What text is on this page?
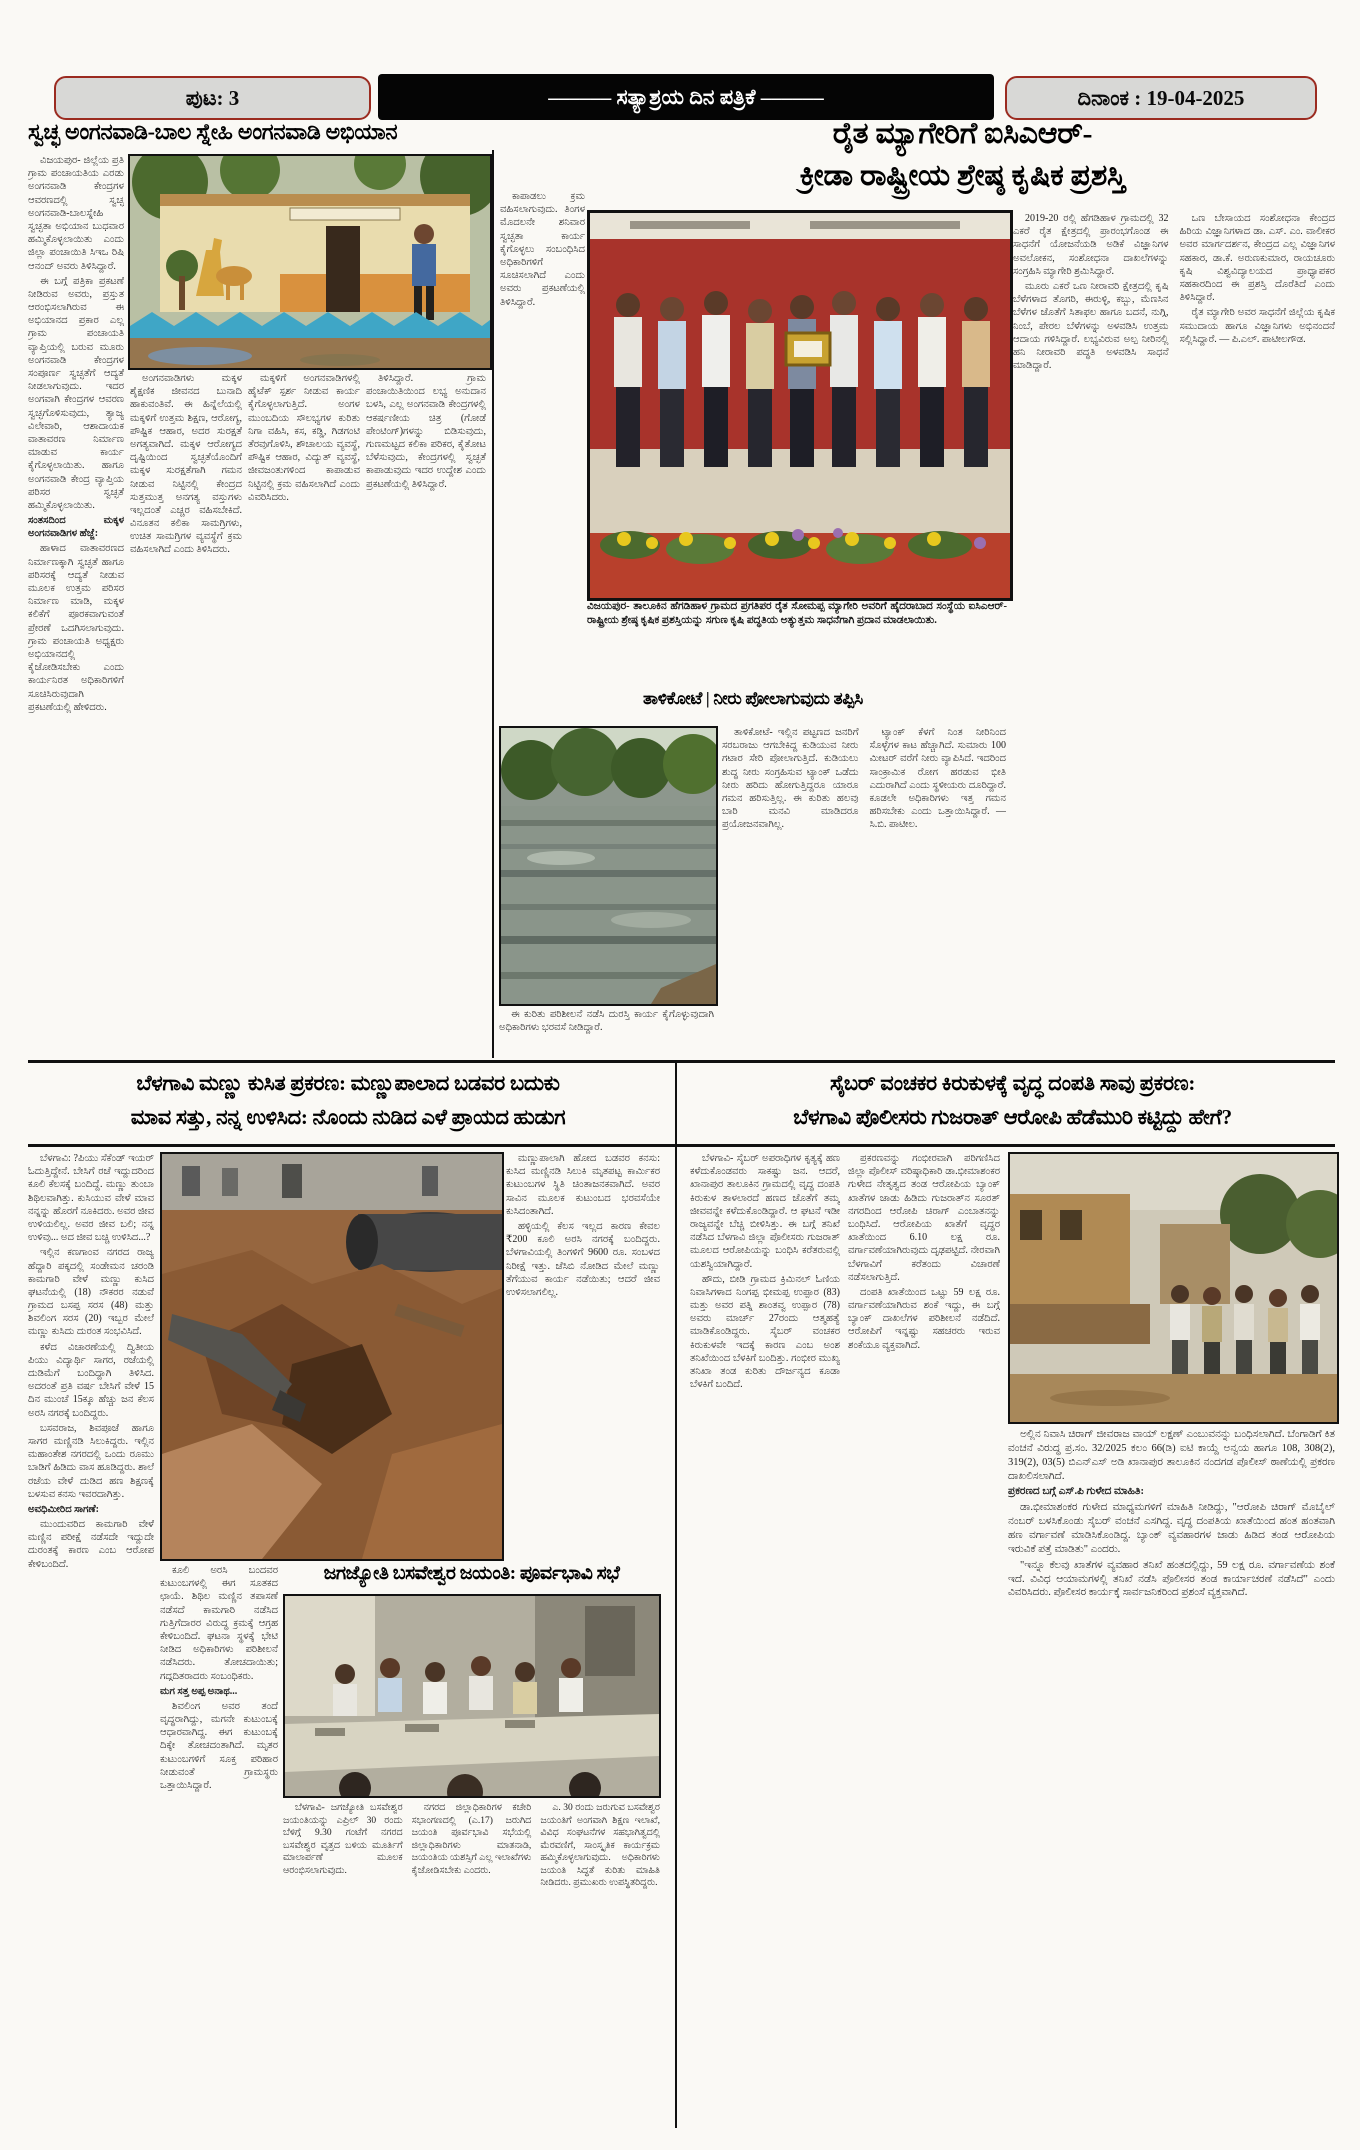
ಪುಟ: 3	–––––– ಸತ್ಯಾಶ್ರಯ ದಿನ ಪತ್ರಿಕೆ ––––––	ದಿನಾಂಕ : 19-04-2025
ಸ್ವಚ್ಛ ಅಂಗನವಾಡಿ-ಬಾಲ ಸ್ನೇಹಿ ಅಂಗನವಾಡಿ ಅಭಿಯಾನ

ವಿಜಯಪುರ- ಜಿಲ್ಲೆಯ ಪ್ರತಿ ಗ್ರಾಮ ಪಂಚಾಯತಿಯ ಎರಡು ಅಂಗನವಾಡಿ ಕೇಂದ್ರಗಳ ಆವರಣದಲ್ಲಿ ಸ್ವಚ್ಛ ಅಂಗನವಾಡಿ-ಬಾಲಸ್ನೇಹಿ ಸ್ವಚ್ಛತಾ ಅಭಿಯಾನ ಬುಧವಾರ ಹಮ್ಮಿಕೊಳ್ಳಲಾಯಿತು ಎಂದು ಜಿಲ್ಲಾ ಪಂಚಾಯಿತಿ ಸಿಇಒ ರಿಷಿ ಆನಂದ್ ಅವರು ತಿಳಿಸಿದ್ದಾರೆ.

ಈ ಬಗ್ಗೆ ಪತ್ರಿಕಾ ಪ್ರಕಟಣೆ ನೀಡಿರುವ ಅವರು, ಪ್ರಸ್ತುತ ಆರಂಭಿಸಲಾಗಿರುವ ಈ ಅಭಿಯಾನದ ಪ್ರಕಾರ ಎಲ್ಲ ಗ್ರಾಮ ಪಂಚಾಯತಿ ವ್ಯಾಪ್ತಿಯಲ್ಲಿ ಬರುವ ಮೂರು ಅಂಗನವಾಡಿ ಕೇಂದ್ರಗಳ ಸಂಪೂರ್ಣ ಸ್ವಚ್ಛತೆಗೆ ಆದ್ಯತೆ ನೀಡಲಾಗುವುದು. ಇದರ ಅಂಗವಾಗಿ ಕೇಂದ್ರಗಳ ಆವರಣ ಸ್ವಚ್ಛಗೊಳಿಸುವುದು, ತ್ಯಾಜ್ಯ ವಿಲೇವಾರಿ, ಆಶಾದಾಯಕ ವಾತಾವರಣ ನಿರ್ಮಾಣ ಮಾಡುವ ಕಾರ್ಯ ಕೈಗೊಳ್ಳಲಾಯಿತು. ಹಾಗೂ ಅಂಗನವಾಡಿ ಕೇಂದ್ರ ವ್ಯಾಪ್ತಿಯ ಪರಿಸರ ಸ್ವಚ್ಛತೆ ಹಮ್ಮಿಕೊಳ್ಳಲಾಯಿತು.

ಸಂತಸದಿಂದ ಮಕ್ಕಳ ಅಂಗನವಾಡಿಗಳ ಹೆಜ್ಜೆ:

ಹಾಳಾದ ವಾತಾವರಣದ ನಿರ್ಮಾಣಕ್ಕಾಗಿ ಸ್ವಚ್ಛತೆ ಹಾಗೂ ಪರಿಸರಕ್ಕೆ ಆದ್ಯತೆ ನೀಡುವ ಮೂಲಕ ಉತ್ತಮ ಪರಿಸರ ನಿರ್ಮಾಣ ಮಾಡಿ, ಮಕ್ಕಳ ಕಲಿಕೆಗೆ ಪೂರಕವಾಗುವಂತೆ ಪ್ರೇರಣೆ ಒದಗಿಸಲಾಗುವುದು. ಗ್ರಾಮ ಪಂಚಾಯತಿ ಅಧ್ಯಕ್ಷರು ಅಭಿಯಾನದಲ್ಲಿ ಕೈಜೋಡಿಸಬೇಕು ಎಂದು ಕಾರ್ಯನಿರತ ಅಧಿಕಾರಿಗಳಿಗೆ ಸೂಚಿಸಿರುವುದಾಗಿ ಪ್ರಕಟಣೆಯಲ್ಲಿ ಹೇಳಿದರು.

ಅಂಗನವಾಡಿಗಳು ಮಕ್ಕಳ ಶೈಕ್ಷಣಿಕ ಜೀವನದ ಬುನಾದಿ ಹಾಕುವಂತಿವೆ. ಈ ಹಿನ್ನೆಲೆಯಲ್ಲಿ ಮಕ್ಕಳಿಗೆ ಉತ್ತಮ ಶಿಕ್ಷಣ, ಆರೋಗ್ಯ, ಪೌಷ್ಟಿಕ ಆಹಾರ, ಅದರ ಸುರಕ್ಷತೆ ಅಗತ್ಯವಾಗಿದೆ. ಮಕ್ಕಳ ಆರೋಗ್ಯದ ದೃಷ್ಟಿಯಿಂದ ಸ್ವಚ್ಛತೆಯೊಂದಿಗೆ ಮಕ್ಕಳ ಸುರಕ್ಷತೆಗಾಗಿ ಗಮನ ನೀಡುವ ನಿಟ್ಟಿನಲ್ಲಿ ಕೇಂದ್ರದ ಸುತ್ತಮುತ್ತ ಅನಗತ್ಯ ವಸ್ತುಗಳು ಇಲ್ಲದಂತೆ ಎಚ್ಚರ ವಹಿಸಬೇಕಿದೆ. ವಿನೂತನ ಕಲಿಕಾ ಸಾಮಗ್ರಿಗಳು, ಉಚಿತ ಸಾಮಗ್ರಿಗಳ ವ್ಯವಸ್ಥೆಗೆ ಕ್ರಮ ವಹಿಸಲಾಗಿದೆ ಎಂದು ತಿಳಿಸಿದರು.

ಮಕ್ಕಳಿಗೆ ಅಂಗನವಾಡಿಗಳಲ್ಲಿ ಹೈಟೆಕ್ ಸ್ಪರ್ಶ ನೀಡುವ ಕಾರ್ಯ ಕೈಗೊಳ್ಳಲಾಗುತ್ತಿದೆ. ಅಂಗಳ ಮುಂಬದಿಯ ಸೌಲಭ್ಯಗಳ ಕುರಿತು ನಿಗಾ ವಹಿಸಿ, ಕಸ, ಕಡ್ಡಿ, ಗಿಡಗಂಟಿ ತೆರವುಗೊಳಿಸಿ, ಶೌಚಾಲಯ ವ್ಯವಸ್ಥೆ, ಪೌಷ್ಟಿಕ ಆಹಾರ, ವಿದ್ಯುತ್ ವ್ಯವಸ್ಥೆ, ಜೀವಜಂತುಗಳಿಂದ ಕಾಪಾಡುವ ನಿಟ್ಟಿನಲ್ಲಿ ಕ್ರಮ ವಹಿಸಲಾಗಿದೆ ಎಂದು ವಿವರಿಸಿದರು.

ತಿಳಿಸಿದ್ದಾರೆ. ಗ್ರಾಮ ಪಂಚಾಯಿತಿಯಿಂದ ಲಭ್ಯ ಅನುದಾನ ಬಳಸಿ, ಎಲ್ಲ ಅಂಗನವಾಡಿ ಕೇಂದ್ರಗಳಲ್ಲಿ ಆಕರ್ಷಣೀಯ ಚಿತ್ರ (ಗೋಡೆ ಪೇಂಟಿಂಗ್)ಗಳನ್ನು ಬಿಡಿಸುವುದು, ಗುಣಮಟ್ಟದ ಕಲಿಕಾ ಪರಿಕರ, ಕೈತೋಟ ಬೆಳೆಸುವುದು, ಕೇಂದ್ರಗಳಲ್ಲಿ ಸ್ವಚ್ಛತೆ ಕಾಪಾಡುವುದು ಇದರ ಉದ್ದೇಶ ಎಂದು ಪ್ರಕಟಣೆಯಲ್ಲಿ ತಿಳಿಸಿದ್ದಾರೆ.

ಕಾಪಾಡಲು ಕ್ರಮ ವಹಿಸಲಾಗುವುದು. ತಿಂಗಳ ಮೊದಲನೇ ಶನಿವಾರ ಸ್ವಚ್ಛತಾ ಕಾರ್ಯ ಕೈಗೊಳ್ಳಲು ಸಂಬಂಧಿಸಿದ ಅಧಿಕಾರಿಗಳಿಗೆ ಸೂಚಿಸಲಾಗಿದೆ ಎಂದು ಅವರು ಪ್ರಕಟಣೆಯಲ್ಲಿ ತಿಳಿಸಿದ್ದಾರೆ.

ರೈತ ಮ್ಯಾಗೇರಿಗೆ ಐಸಿಎಆರ್-
ಕ್ರೀಡಾ ರಾಷ್ಟ್ರೀಯ ಶ್ರೇಷ್ಠ ಕೃಷಿಕ ಪ್ರಶಸ್ತಿ
ವಿಜಯಪುರ- ತಾಲೂಕಿನ ಹೆಗಡಿಹಾಳ ಗ್ರಾಮದ ಪ್ರಗತಿಪರ ರೈತ ಸೋಮಪ್ಪ ಮ್ಯಾಗೇರಿ ಅವರಿಗೆ ಹೈದರಾಬಾದ ಸಂಸ್ಥೆಯ ಐಸಿಎಆರ್- ರಾಷ್ಟ್ರೀಯ ಶ್ರೇಷ್ಠ ಕೃಷಿಕ ಪ್ರಶಸ್ತಿಯನ್ನು ಸಗುಣ ಕೃಷಿ ಪದ್ಧತಿಯ ಅತ್ಯುತ್ತಮ ಸಾಧನೆಗಾಗಿ ಪ್ರದಾನ ಮಾಡಲಾಯಿತು.

2019-20 ರಲ್ಲಿ ಹೆಗಡಿಹಾಳ ಗ್ರಾಮದಲ್ಲಿ 32 ಎಕರೆ ರೈತ ಕ್ಷೇತ್ರದಲ್ಲಿ ಪ್ರಾರಂಭಗೊಂಡ ಈ ಸಾಧನೆಗೆ ಯೋಜನೆಯಡಿ ಅಡಿಕೆ ವಿಜ್ಞಾನಿಗಳ ಅವಲೋಕನ, ಸಂಶೋಧನಾ ದಾಖಲೆಗಳನ್ನು ಸಂಗ್ರಹಿಸಿ ಮ್ಯಾಗೇರಿ ಶ್ರಮಿಸಿದ್ದಾರೆ.

ಮೂರು ಎಕರೆ ಒಣ ನೀರಾವರಿ ಕ್ಷೇತ್ರದಲ್ಲಿ ಕೃಷಿ ಬೆಳೆಗಳಾದ ತೊಗರಿ, ಈರುಳ್ಳಿ, ಕಬ್ಬು, ಮೆಣಸಿನ ಬೆಳೆಗಳ ಜೊತೆಗೆ ಸಿತಾಫಲ ಹಾಗೂ ಬದನೆ, ನುಗ್ಗಿ, ನಿಂಬೆ, ಪೇರಲ ಬೆಳೆಗಳನ್ನು ಅಳವಡಿಸಿ ಉತ್ತಮ ಆದಾಯ ಗಳಿಸಿದ್ದಾರೆ. ಲಭ್ಯವಿರುವ ಅಲ್ಪ ನೀರಿನಲ್ಲಿ ಹನಿ ನೀರಾವರಿ ಪದ್ಧತಿ ಅಳವಡಿಸಿ ಸಾಧನೆ ಮಾಡಿದ್ದಾರೆ.

ಒಣ ಬೇಸಾಯದ ಸಂಶೋಧನಾ ಕೇಂದ್ರದ ಹಿರಿಯ ವಿಜ್ಞಾನಿಗಳಾದ ಡಾ. ಎಸ್. ಎಂ. ವಾಲೀಕರ ಅವರ ಮಾರ್ಗದರ್ಶನ, ಕೇಂದ್ರದ ಎಲ್ಲ ವಿಜ್ಞಾನಿಗಳ ಸಹಕಾರ, ಡಾ.ಕೆ. ಅರುಣಕುಮಾರ, ರಾಯಚೂರು ಕೃಷಿ ವಿಶ್ವವಿದ್ಯಾಲಯದ ಪ್ರಾಧ್ಯಾಪಕರ ಸಹಕಾರದಿಂದ ಈ ಪ್ರಶಸ್ತಿ ದೊರೆತಿದೆ ಎಂದು ತಿಳಿಸಿದ್ದಾರೆ.

ರೈತ ಮ್ಯಾಗೇರಿ ಅವರ ಸಾಧನೆಗೆ ಜಿಲ್ಲೆಯ ಕೃಷಿಕ ಸಮುದಾಯ ಹಾಗೂ ವಿಜ್ಞಾನಿಗಳು ಅಭಿನಂದನೆ ಸಲ್ಲಿಸಿದ್ದಾರೆ. — ಪಿ.ಎಲ್. ಪಾಟೀಲಗೌಡ.

ತಾಳಿಕೋಟೆ | ನೀರು ಪೋಲಾಗುವುದು ತಪ್ಪಿಸಿ

ಈ ಕುರಿತು ಪರಿಶೀಲನೆ ನಡೆಸಿ ದುರಸ್ತಿ ಕಾರ್ಯ ಕೈಗೊಳ್ಳುವುದಾಗಿ ಅಧಿಕಾರಿಗಳು ಭರವಸೆ ನೀಡಿದ್ದಾರೆ.

ತಾಳಿಕೋಟೆ- ಇಲ್ಲಿನ ಪಟ್ಟಣದ ಜನರಿಗೆ ಸರಬರಾಜು ಆಗಬೇಕಿದ್ದ ಕುಡಿಯುವ ನೀರು ಗಟಾರ ಸೇರಿ ಪೋಲಾಗುತ್ತಿದೆ. ಕುಡಿಯಲು ಶುದ್ಧ ನೀರು ಸಂಗ್ರಹಿಸುವ ಟ್ಯಾಂಕ್ ಒಡೆದು ನೀರು ಹರಿದು ಹೋಗುತ್ತಿದ್ದರೂ ಯಾರೂ ಗಮನ ಹರಿಸುತ್ತಿಲ್ಲ. ಈ ಕುರಿತು ಹಲವು ಬಾರಿ ಮನವಿ ಮಾಡಿದರೂ ಪ್ರಯೋಜನವಾಗಿಲ್ಲ.

ಟ್ಯಾಂಕ್ ಕೆಳಗೆ ನಿಂತ ನೀರಿನಿಂದ ಸೊಳ್ಳೆಗಳ ಕಾಟ ಹೆಚ್ಚಾಗಿದೆ. ಸುಮಾರು 100 ಮೀಟರ್ ವರೆಗೆ ನೀರು ವ್ಯಾಪಿಸಿದೆ. ಇದರಿಂದ ಸಾಂಕ್ರಾಮಿಕ ರೋಗ ಹರಡುವ ಭೀತಿ ಎದುರಾಗಿದೆ ಎಂದು ಸ್ಥಳೀಯರು ದೂರಿದ್ದಾರೆ. ಕೂಡಲೇ ಅಧಿಕಾರಿಗಳು ಇತ್ತ ಗಮನ ಹರಿಸಬೇಕು ಎಂದು ಒತ್ತಾಯಿಸಿದ್ದಾರೆ. — ಸಿ.ಬಿ. ಪಾಟೀಲ.

ಬೆಳಗಾವಿ ಮಣ್ಣು ಕುಸಿತ ಪ್ರಕರಣ: ಮಣ್ಣುಪಾಲಾದ ಬಡವರ ಬದುಕು
ಮಾವ ಸತ್ತು, ನನ್ನ ಉಳಿಸಿದ: ನೊಂದು ನುಡಿದ ಎಳೆ ಪ್ರಾಯದ ಹುಡುಗ
ಸೈಬರ್ ವಂಚಕರ ಕಿರುಕುಳಕ್ಕೆ ವೃದ್ಧ ದಂಪತಿ ಸಾವು ಪ್ರಕರಣ:
ಬೆಳಗಾವಿ ಪೊಲೀಸರು ಗುಜರಾತ್ ಆರೋಪಿ ಹೆಡೆಮುರಿ ಕಟ್ಟಿದ್ದು ಹೇಗೆ?

ಬೆಳಗಾವಿ: ?ಪಿಯು ಸೆಕೆಂಡ್ ಇಯರ್ ಓದುತ್ತಿದ್ದೇನೆ. ಬೇಸಿಗೆ ರಜೆ ಇದ್ದುದರಿಂದ ಕೂಲಿ ಕೆಲಸಕ್ಕೆ ಬಂದಿದ್ದೆ. ಮಣ್ಣು ತುಂಬಾ ಶಿಥಿಲವಾಗಿತ್ತು. ಕುಸಿಯುವ ವೇಳೆ ಮಾವ ನನ್ನನ್ನು ಹೊರಗೆ ನೂಕಿದರು. ಅವರ ಜೀವ ಉಳಿಯಲಿಲ್ಲ. ಅವರ ಜೀವ ಬಲಿ; ನನ್ನ ಉಳಿವು... ಅದ ಜೀವ ಬಚ್ಚಿ ಉಳಿಸಿದ...?

ಇಲ್ಲಿನ ಕಣಗಾಂವ ನಗರದ ರಾಜ್ಯ ಹೆದ್ದಾರಿ ಪಕ್ಕದಲ್ಲಿ ಸಂಡೇಮನ ಚರಂಡಿ ಕಾಮಗಾರಿ ವೇಳೆ ಮಣ್ಣು ಕುಸಿದ ಘಟನೆಯಲ್ಲಿ (18) ನೌಕರರ ನಡುವೆ ಗ್ರಾಮದ ಬಸಪ್ಪ ಸರಸ (48) ಮತ್ತು ಶಿವಲಿಂಗ ಸರಸ (20) ಇಬ್ಬರ ಮೇಲೆ ಮಣ್ಣು ಕುಸಿದು ದುರಂತ ಸಂಭವಿಸಿದೆ.

ಕಳೆದ ವಿಚಾರಣೆಯಲ್ಲಿ ದ್ವಿತೀಯ ಪಿಯು ವಿದ್ಯಾರ್ಥಿ ಸಾಗರ, ರಜೆಯಲ್ಲಿ ದುಡಿಮೆಗೆ ಬಂದಿದ್ದಾಗಿ ತಿಳಿಸಿದ. ಅದರಂತೆ ಪ್ರತಿ ವರ್ಷ ಬೇಸಿಗೆ ವೇಳೆ 15 ದಿನ ಮುಂಚೆ 15ಕ್ಕೂ ಹೆಚ್ಚು ಜನ ಕೆಲಸ ಅರಸಿ ನಗರಕ್ಕೆ ಬಂದಿದ್ದರು.

ಬಸವರಾಜ, ಶಿವಪೂಜೆ ಹಾಗೂ ಸಾಗರ ಮಣ್ಣಿನಡಿ ಸಿಲುಕಿದ್ದರು. ಇಲ್ಲಿನ ಮಹಾಂತೇಶ ನಗರದಲ್ಲಿ ಒಂದು ರೂಮು ಬಾಡಿಗೆ ಹಿಡಿದು ವಾಸ ಹೂಡಿದ್ದರು. ಶಾಲೆ ರಜೆಯ ವೇಳೆ ದುಡಿದ ಹಣ ಶಿಕ್ಷಣಕ್ಕೆ ಬಳಸುವ ಕನಸು ಇವರದಾಗಿತ್ತು.

ಅವಧಿಮೀರಿದ ಸಾಗಣೆ:

ಮುಂದುವರಿದ ಕಾಮಗಾರಿ ವೇಳೆ ಮಣ್ಣಿನ ಪರೀಕ್ಷೆ ನಡೆಸದೇ ಇದ್ದುದೇ ದುರಂತಕ್ಕೆ ಕಾರಣ ಎಂಬ ಆರೋಪ ಕೇಳಿಬಂದಿದೆ.

ಮಣ್ಣುಪಾಲಾಗಿ ಹೋದ ಬಡವರ ಕನಸು: ಕುಸಿದ ಮಣ್ಣಿನಡಿ ಸಿಲುಕಿ ಮೃತಪಟ್ಟ ಕಾರ್ಮಿಕರ ಕುಟುಂಬಗಳ ಸ್ಥಿತಿ ಚಿಂತಾಜನಕವಾಗಿದೆ. ಅವರ ಸಾವಿನ ಮೂಲಕ ಕುಟುಂಬದ ಭರವಸೆಯೇ ಕುಸಿದಂತಾಗಿದೆ.

ಹಳ್ಳಿಯಲ್ಲಿ ಕೆಲಸ ಇಲ್ಲದ ಕಾರಣ ಕೇವಲ ₹200 ಕೂಲಿ ಅರಸಿ ನಗರಕ್ಕೆ ಬಂದಿದ್ದರು. ಬೆಳಗಾವಿಯಲ್ಲಿ ತಿಂಗಳಿಗೆ 9600 ರೂ. ಸಂಬಳದ ನಿರೀಕ್ಷೆ ಇತ್ತು. ಜೆಸಿಬಿ ನೋಡಿದ ಮೇಲೆ ಮಣ್ಣು ತೆಗೆಯುವ ಕಾರ್ಯ ನಡೆಯಿತು; ಆದರೆ ಜೀವ ಉಳಿಸಲಾಗಲಿಲ್ಲ.

ಕೂಲಿ ಅರಸಿ ಬಂದವರ ಕುಟುಂಬಗಳಲ್ಲಿ ಈಗ ಸೂತಕದ ಛಾಯೆ. ಶಿಥಿಲ ಮಣ್ಣಿನ ತಪಾಸಣೆ ನಡೆಸದೆ ಕಾಮಗಾರಿ ನಡೆಸಿದ ಗುತ್ತಿಗೆದಾರರ ವಿರುದ್ಧ ಕ್ರಮಕ್ಕೆ ಆಗ್ರಹ ಕೇಳಿಬಂದಿದೆ. ಘಟನಾ ಸ್ಥಳಕ್ಕೆ ಭೇಟಿ ನೀಡಿದ ಅಧಿಕಾರಿಗಳು ಪರಿಶೀಲನೆ ನಡೆಸಿದರು. ತೋಚದಾಯಿತು; ಗದ್ಗದಿತರಾದರು ಸಂಬಂಧಿಕರು.

ಮಗ ಸತ್ತ ಅಪ್ಪ ಅನಾಥ...

ಶಿವಲಿಂಗ ಅವರ ತಂದೆ ವೃದ್ಧರಾಗಿದ್ದು, ಮಗನೇ ಕುಟುಂಬಕ್ಕೆ ಆಧಾರವಾಗಿದ್ದ. ಈಗ ಕುಟುಂಬಕ್ಕೆ ದಿಕ್ಕೇ ತೋಚದಂತಾಗಿದೆ. ಮೃತರ ಕುಟುಂಬಗಳಿಗೆ ಸೂಕ್ತ ಪರಿಹಾರ ನೀಡುವಂತೆ ಗ್ರಾಮಸ್ಥರು ಒತ್ತಾಯಿಸಿದ್ದಾರೆ.

ಜಗಜ್ಯೋತಿ ಬಸವೇಶ್ವರ ಜಯಂತಿ: ಪೂರ್ವಭಾವಿ ಸಭೆ

ಬೆಳಗಾವಿ- ಜಗಜ್ಯೋತಿ ಬಸವೇಶ್ವರ ಜಯಂತಿಯನ್ನು ಎಪ್ರಿಲ್ 30 ರಂದು ಬೆಳಿಗ್ಗೆ 9.30 ಗಂಟೆಗೆ ನಗರದ ಬಸವೇಶ್ವರ ವೃತ್ತದ ಬಳಿಯ ಮೂರ್ತಿಗೆ ಮಾಲಾರ್ಪಣೆ ಮೂಲಕ ಆರಂಭಿಸಲಾಗುವುದು.

ನಗರದ ಜಿಲ್ಲಾಧಿಕಾರಿಗಳ ಕಚೇರಿ ಸಭಾಂಗಣದಲ್ಲಿ (ಎ.17) ಜರುಗಿದ ಜಯಂತಿ ಪೂರ್ವಭಾವಿ ಸಭೆಯಲ್ಲಿ ಜಿಲ್ಲಾಧಿಕಾರಿಗಳು ಮಾತನಾಡಿ, ಜಯಂತಿಯ ಯಶಸ್ಸಿಗೆ ಎಲ್ಲ ಇಲಾಖೆಗಳು ಕೈಜೋಡಿಸಬೇಕು ಎಂದರು.

ಎ. 30 ರಂದು ಜರುಗುವ ಬಸವೇಶ್ವರ ಜಯಂತಿಗೆ ಅಂಗವಾಗಿ ಶಿಕ್ಷಣ ಇಲಾಖೆ, ವಿವಿಧ ಸಂಘಟನೆಗಳ ಸಹಭಾಗಿತ್ವದಲ್ಲಿ ಮೆರವಣಿಗೆ, ಸಾಂಸ್ಕೃತಿಕ ಕಾರ್ಯಕ್ರಮ ಹಮ್ಮಿಕೊಳ್ಳಲಾಗುವುದು. ಅಧಿಕಾರಿಗಳು ಜಯಂತಿ ಸಿದ್ಧತೆ ಕುರಿತು ಮಾಹಿತಿ ನೀಡಿದರು. ಪ್ರಮುಖರು ಉಪಸ್ಥಿತರಿದ್ದರು.

ಬೆಳಗಾವಿ- ಸೈಬರ್ ಅಪರಾಧಿಗಳ ಕೃತ್ಯಕ್ಕೆ ಹಣ ಕಳೆದುಕೊಂಡವರು ಸಾಕಷ್ಟು ಜನ. ಆದರೆ, ಖಾನಾಪುರ ತಾಲೂಕಿನ ಗ್ರಾಮದಲ್ಲಿ ವೃದ್ಧ ದಂಪತಿ ಕಿರುಕುಳ ತಾಳಲಾರದೆ ಹಣದ ಜೊತೆಗೆ ತಮ್ಮ ಜೀವವನ್ನೇ ಕಳೆದುಕೊಂಡಿದ್ದಾರೆ. ಆ ಘಟನೆ ಇಡೀ ರಾಜ್ಯವನ್ನೇ ಬೆಚ್ಚಿ ಬೀಳಿಸಿತ್ತು. ಈ ಬಗ್ಗೆ ತನಿಖೆ ನಡೆಸಿದ ಬೆಳಗಾವಿ ಜಿಲ್ಲಾ ಪೊಲೀಸರು ಗುಜರಾತ್ ಮೂಲದ ಆರೋಪಿಯನ್ನು ಬಂಧಿಸಿ ಕರೆತರುವಲ್ಲಿ ಯಶಸ್ವಿಯಾಗಿದ್ದಾರೆ.

ಹೌದು, ಬೀಡಿ ಗ್ರಾಮದ ಕ್ರಿಮಿನಲ್ ಓಣಿಯ ನಿವಾಸಿಗಳಾದ ನಿಂಗಪ್ಪ ಭೀಮಪ್ಪ ಉಪ್ಪಾರ (83) ಮತ್ತು ಅವರ ಪತ್ನಿ ಶಾಂತವ್ವ ಉಪ್ಪಾರ (78) ಅವರು ಮಾರ್ಚ್ 27ರಂದು ಆತ್ಮಹತ್ಯೆ ಮಾಡಿಕೊಂಡಿದ್ದರು. ಸೈಬರ್ ವಂಚಕರ ಕಿರುಕುಳವೇ ಇದಕ್ಕೆ ಕಾರಣ ಎಂಬ ಅಂಶ ತನಿಖೆಯಿಂದ ಬೆಳಕಿಗೆ ಬಂದಿತ್ತು. ಗಂಭೀರ ಮುಖ್ಯ ತನಿಖಾ ತಂಡ ಕುರಿತು ದೌರ್ಜನ್ಯದ ಕೂಡಾ ಬೆಳಕಿಗೆ ಬಂದಿದೆ.

ಪ್ರಕರಣವನ್ನು ಗಂಭೀರವಾಗಿ ಪರಿಗಣಿಸಿದ ಜಿಲ್ಲಾ ಪೊಲೀಸ್ ವರಿಷ್ಠಾಧಿಕಾರಿ ಡಾ.ಭೀಮಾಶಂಕರ ಗುಳೇದ ನೇತೃತ್ವದ ತಂಡ ಆರೋಪಿಯ ಬ್ಯಾಂಕ್ ಖಾತೆಗಳ ಜಾಡು ಹಿಡಿದು ಗುಜರಾತ್‌ನ ಸೂರತ್ ನಗರದಿಂದ ಆರೋಪಿ ಚಿರಾಗ್ ಎಂಬಾತನನ್ನು ಬಂಧಿಸಿದೆ. ಆರೋಪಿಯ ಖಾತೆಗೆ ವೃದ್ಧರ ಖಾತೆಯಿಂದ 6.10 ಲಕ್ಷ ರೂ. ವರ್ಗಾವಣೆಯಾಗಿರುವುದು ದೃಢಪಟ್ಟಿದೆ. ನೇರವಾಗಿ ಬೆಳಗಾವಿಗೆ ಕರೆತಂದು ವಿಚಾರಣೆ ನಡೆಸಲಾಗುತ್ತಿದೆ.

ದಂಪತಿ ಖಾತೆಯಿಂದ ಒಟ್ಟು 59 ಲಕ್ಷ ರೂ. ವರ್ಗಾವಣೆಯಾಗಿರುವ ಶಂಕೆ ಇದ್ದು, ಈ ಬಗ್ಗೆ ಬ್ಯಾಂಕ್ ದಾಖಲೆಗಳ ಪರಿಶೀಲನೆ ನಡೆದಿದೆ. ಆರೋಪಿಗೆ ಇನ್ನಷ್ಟು ಸಹಚರರು ಇರುವ ಶಂಕೆಯೂ ವ್ಯಕ್ತವಾಗಿದೆ.

ಅಲ್ಲಿನ ನಿವಾಸಿ ಚಿರಾಗ್ ಜೀವರಾಜ ವಾಯ್ ಲಕ್ಷಣ್ ಎಂಬುವನನ್ನು ಬಂಧಿಸಲಾಗಿದೆ. ಬೆಂಗಾಡಿಗೆ ಕಿತ ವಂಚನೆ ವಿರುದ್ಧ ಪ್ರ.ಸಂ. 32/2025 ಕಲಂ 66(ಡಿ) ಐಟಿ ಕಾಯ್ದೆ ಅನ್ವಯ ಹಾಗೂ 108, 308(2), 319(2), 03(5) ಬಿಎನ್‌ಎಸ್ ಅಡಿ ಖಾನಾಪುರ ತಾಲೂಕಿನ ನಂದಗಡ ಪೊಲೀಸ್ ಠಾಣೆಯಲ್ಲಿ ಪ್ರಕರಣ ದಾಖಲಿಸಲಾಗಿದೆ.

ಪ್ರಕರಣದ ಬಗ್ಗೆ ಎಸ್.ಪಿ ಗುಳೇದ ಮಾಹಿತಿ:

ಡಾ.ಭೀಮಾಶಂಕರ ಗುಳೇದ ಮಾಧ್ಯಮಗಳಿಗೆ ಮಾಹಿತಿ ನೀಡಿದ್ದು, "ಆರೋಪಿ ಚಿರಾಗ್ ಮೊಬೈಲ್ ನಂಬರ್ ಬಳಸಿಕೊಂಡು ಸೈಬರ್ ವಂಚನೆ ಎಸಗಿದ್ದ. ವೃದ್ಧ ದಂಪತಿಯ ಖಾತೆಯಿಂದ ಹಂತ ಹಂತವಾಗಿ ಹಣ ವರ್ಗಾವಣೆ ಮಾಡಿಸಿಕೊಂಡಿದ್ದ. ಬ್ಯಾಂಕ್ ವ್ಯವಹಾರಗಳ ಜಾಡು ಹಿಡಿದ ತಂಡ ಆರೋಪಿಯ ಇರುವಿಕೆ ಪತ್ತೆ ಮಾಡಿತು" ಎಂದರು.

"ಇನ್ನೂ ಕೆಲವು ಖಾತೆಗಳ ವ್ಯವಹಾರ ತನಿಖೆ ಹಂತದಲ್ಲಿದ್ದು, 59 ಲಕ್ಷ ರೂ. ವರ್ಗಾವಣೆಯ ಶಂಕೆ ಇದೆ. ವಿವಿಧ ಆಯಾಮಗಳಲ್ಲಿ ತನಿಖೆ ನಡೆಸಿ ಪೊಲೀಸರ ತಂಡ ಕಾರ್ಯಾಚರಣೆ ನಡೆಸಿದೆ" ಎಂದು ವಿವರಿಸಿದರು. ಪೊಲೀಸರ ಕಾರ್ಯಕ್ಕೆ ಸಾರ್ವಜನಿಕರಿಂದ ಪ್ರಶಂಸೆ ವ್ಯಕ್ತವಾಗಿದೆ.
